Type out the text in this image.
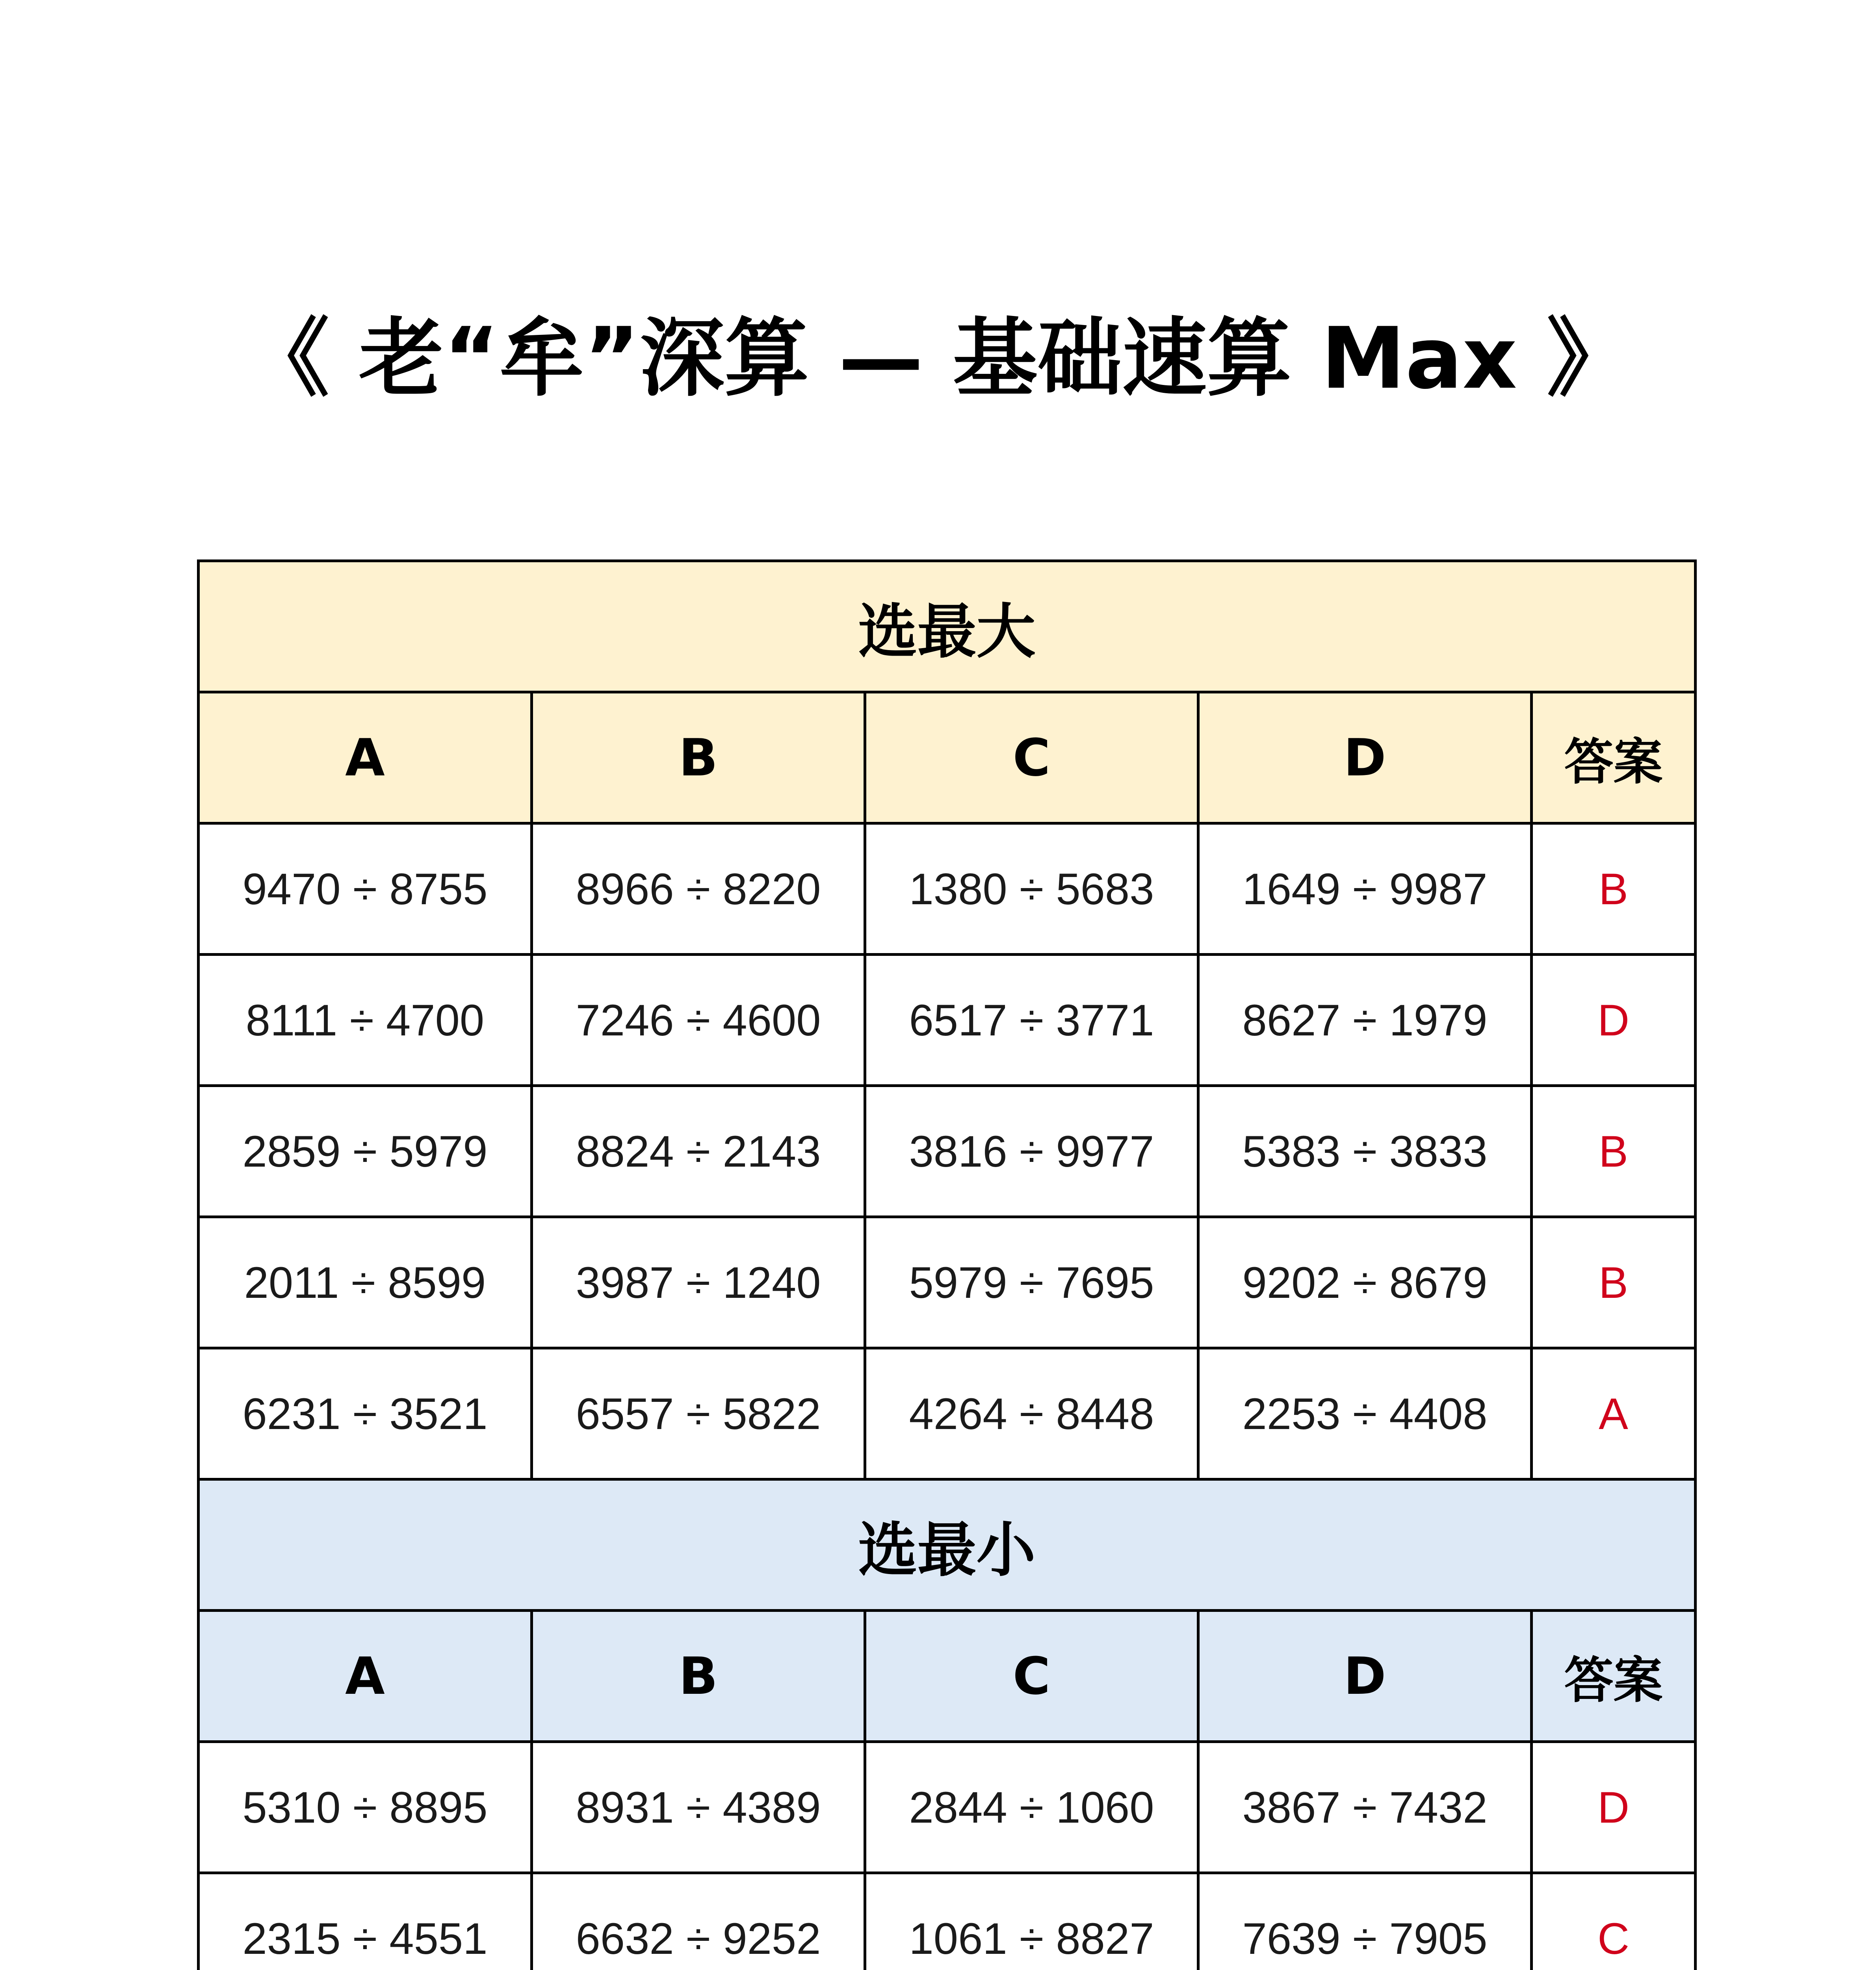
《 老“牟”深算 — 基础速算 Max 》
选最大				
A	B	C	D	答案
9470 ÷ 8755	8966 ÷ 8220	1380 ÷ 5683	1649 ÷ 9987	B
8111 ÷ 4700	7246 ÷ 4600	6517 ÷ 3771	8627 ÷ 1979	D
2859 ÷ 5979	8824 ÷ 2143	3816 ÷ 9977	5383 ÷ 3833	B
2011 ÷ 8599	3987 ÷ 1240	5979 ÷ 7695	9202 ÷ 8679	B
6231 ÷ 3521	6557 ÷ 5822	4264 ÷ 8448	2253 ÷ 4408	A
选最小				
A	B	C	D	答案
5310 ÷ 8895	8931 ÷ 4389	2844 ÷ 1060	3867 ÷ 7432	D
2315 ÷ 4551	6632 ÷ 9252	1061 ÷ 8827	7639 ÷ 7905	C
